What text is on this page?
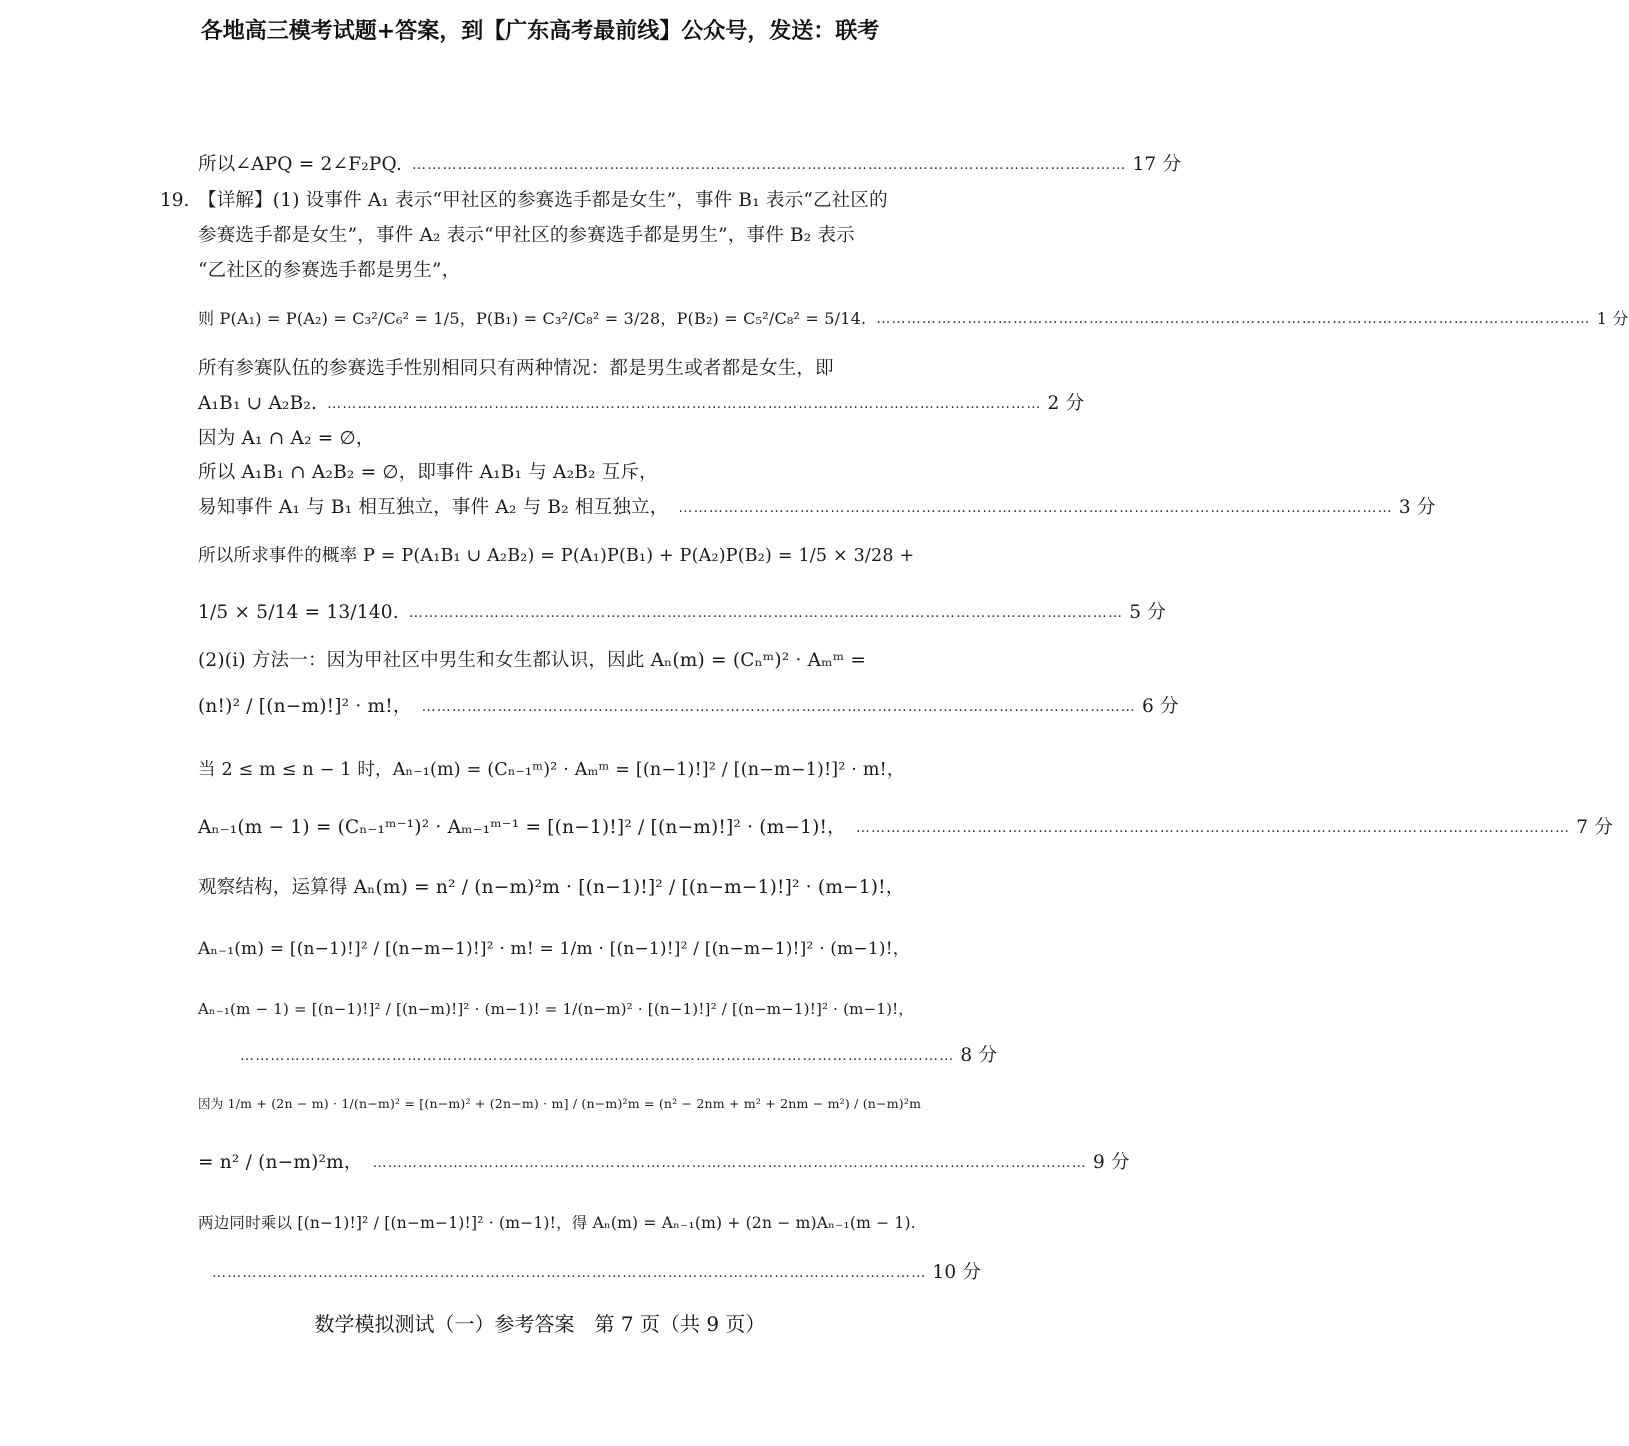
各地高三模考试题+答案，到【广东高考最前线】公众号，发送：联考
所以∠APQ = 2∠F₂PQ. …………………………………………………………………………………………………………………………… 17 分
19. 【详解】(1) 设事件 A₁ 表示“甲社区的参赛选手都是女生”，事件 B₁ 表示“乙社区的
参赛选手都是女生”，事件 A₂ 表示“甲社区的参赛选手都是男生”，事件 B₂ 表示
“乙社区的参赛选手都是男生”，
则 P(A₁) = P(A₂) = C₃²/C₆² = 1/5，P(B₁) = C₃²/C₈² = 3/28，P(B₂) = C₅²/C₈² = 5/14. …………………………………………………………………………………………………………………………… 1 分
所有参赛队伍的参赛选手性别相同只有两种情况：都是男生或者都是女生，即
A₁B₁ ∪ A₂B₂. …………………………………………………………………………………………………………………………… 2 分
因为 A₁ ∩ A₂ = ∅，
所以 A₁B₁ ∩ A₂B₂ = ∅，即事件 A₁B₁ 与 A₂B₂ 互斥，
易知事件 A₁ 与 B₁ 相互独立，事件 A₂ 与 B₂ 相互独立， …………………………………………………………………………………………………………………………… 3 分
所以所求事件的概率 P = P(A₁B₁ ∪ A₂B₂) = P(A₁)P(B₁) + P(A₂)P(B₂) = 1/5 × 3/28 +
1/5 × 5/14 = 13/140. …………………………………………………………………………………………………………………………… 5 分
(2)(i) 方法一：因为甲社区中男生和女生都认识，因此 Aₙ(m) = (Cₙᵐ)² · Aₘᵐ =
(n!)² / [(n−m)!]² · m!， …………………………………………………………………………………………………………………………… 6 分
当 2 ≤ m ≤ n − 1 时，Aₙ₋₁(m) = (Cₙ₋₁ᵐ)² · Aₘᵐ = [(n−1)!]² / [(n−m−1)!]² · m!，
Aₙ₋₁(m − 1) = (Cₙ₋₁ᵐ⁻¹)² · Aₘ₋₁ᵐ⁻¹ = [(n−1)!]² / [(n−m)!]² · (m−1)!， …………………………………………………………………………………………………………………………… 7 分
观察结构，运算得 Aₙ(m) = n² / (n−m)²m · [(n−1)!]² / [(n−m−1)!]² · (m−1)!，
Aₙ₋₁(m) = [(n−1)!]² / [(n−m−1)!]² · m! = 1/m · [(n−1)!]² / [(n−m−1)!]² · (m−1)!，
Aₙ₋₁(m − 1) = [(n−1)!]² / [(n−m)!]² · (m−1)! = 1/(n−m)² · [(n−1)!]² / [(n−m−1)!]² · (m−1)!，
…………………………………………………………………………………………………………………………… 8 分
因为 1/m + (2n − m) · 1/(n−m)² = [(n−m)² + (2n−m) · m] / (n−m)²m = (n² − 2nm + m² + 2nm − m²) / (n−m)²m
= n² / (n−m)²m， …………………………………………………………………………………………………………………………… 9 分
两边同时乘以 [(n−1)!]² / [(n−m−1)!]² · (m−1)!，得 Aₙ(m) = Aₙ₋₁(m) + (2n − m)Aₙ₋₁(m − 1).
…………………………………………………………………………………………………………………………… 10 分
数学模拟测试（一）参考答案　第 7 页（共 9 页）
